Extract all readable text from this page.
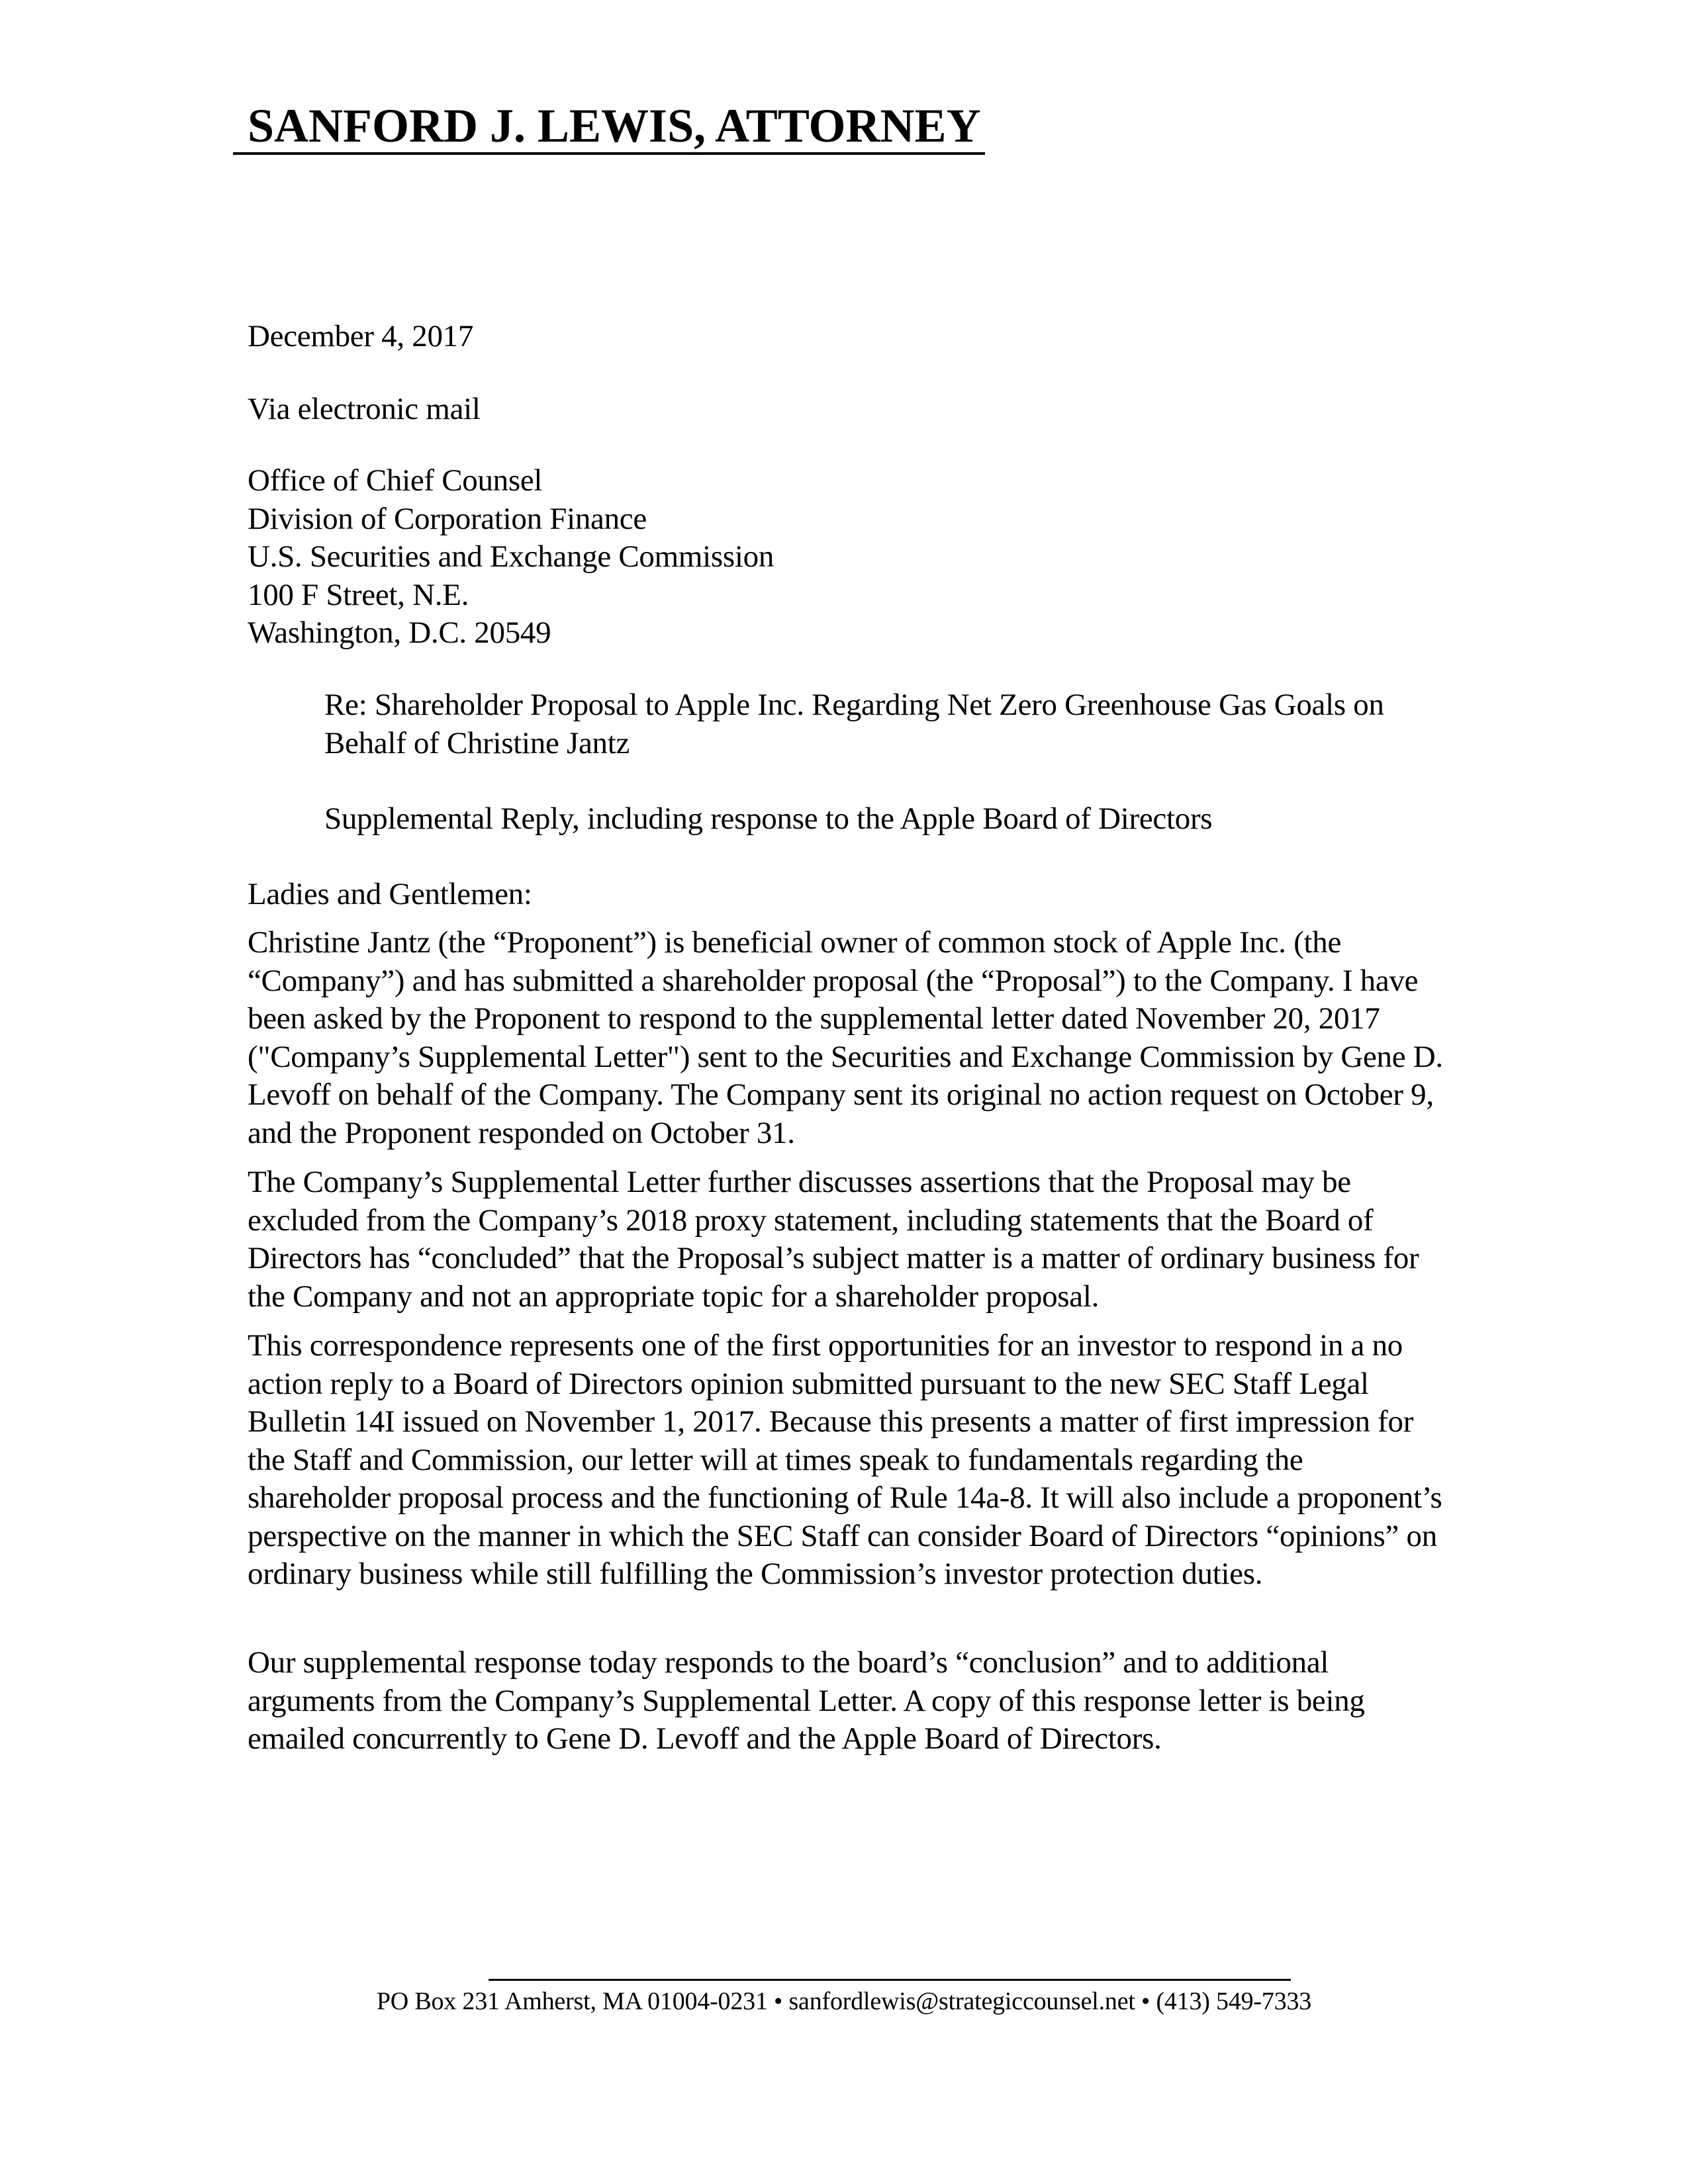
SANFORD J. LEWIS, ATTORNEY
December 4, 2017
Via electronic mail
Office of Chief Counsel
Division of Corporation Finance
U.S. Securities and Exchange Commission
100 F Street, N.E.
Washington, D.C. 20549
Re: Shareholder Proposal to Apple Inc. Regarding Net Zero Greenhouse Gas Goals on Behalf of Christine Jantz
Supplemental Reply, including response to the Apple Board of Directors
Ladies and Gentlemen:

Christine Jantz (the “Proponent”) is beneficial owner of common stock of Apple Inc. (the “Company”) and has submitted a shareholder proposal (the “Proposal”) to the Company. I have been asked by the Proponent to respond to the supplemental letter dated November 20, 2017 ("Company’s Supplemental Letter") sent to the Securities and Exchange Commission by Gene D. Levoff on behalf of the Company. The Company sent its original no action request on October 9, and the Proponent responded on October 31.

The Company’s Supplemental Letter further discusses assertions that the Proposal may be excluded from the Company’s 2018 proxy statement, including statements that the Board of Directors has “concluded” that the Proposal’s subject matter is a matter of ordinary business for the Company and not an appropriate topic for a shareholder proposal.

This correspondence represents one of the first opportunities for an investor to respond in a no action reply to a Board of Directors opinion submitted pursuant to the new SEC Staff Legal Bulletin 14I issued on November 1, 2017. Because this presents a matter of first impression for the Staff and Commission, our letter will at times speak to fundamentals regarding the shareholder proposal process and the functioning of Rule 14a-8. It will also include a proponent’s perspective on the manner in which the SEC Staff can consider Board of Directors “opinions” on ordinary business while still fulfilling the Commission’s investor protection duties.

Our supplemental response today responds to the board’s “conclusion” and to additional arguments from the Company’s Supplemental Letter. A copy of this response letter is being emailed concurrently to Gene D. Levoff and the Apple Board of Directors.

PO Box 231 Amherst, MA 01004-0231 • sanfordlewis@strategiccounsel.net • (413) 549-7333
